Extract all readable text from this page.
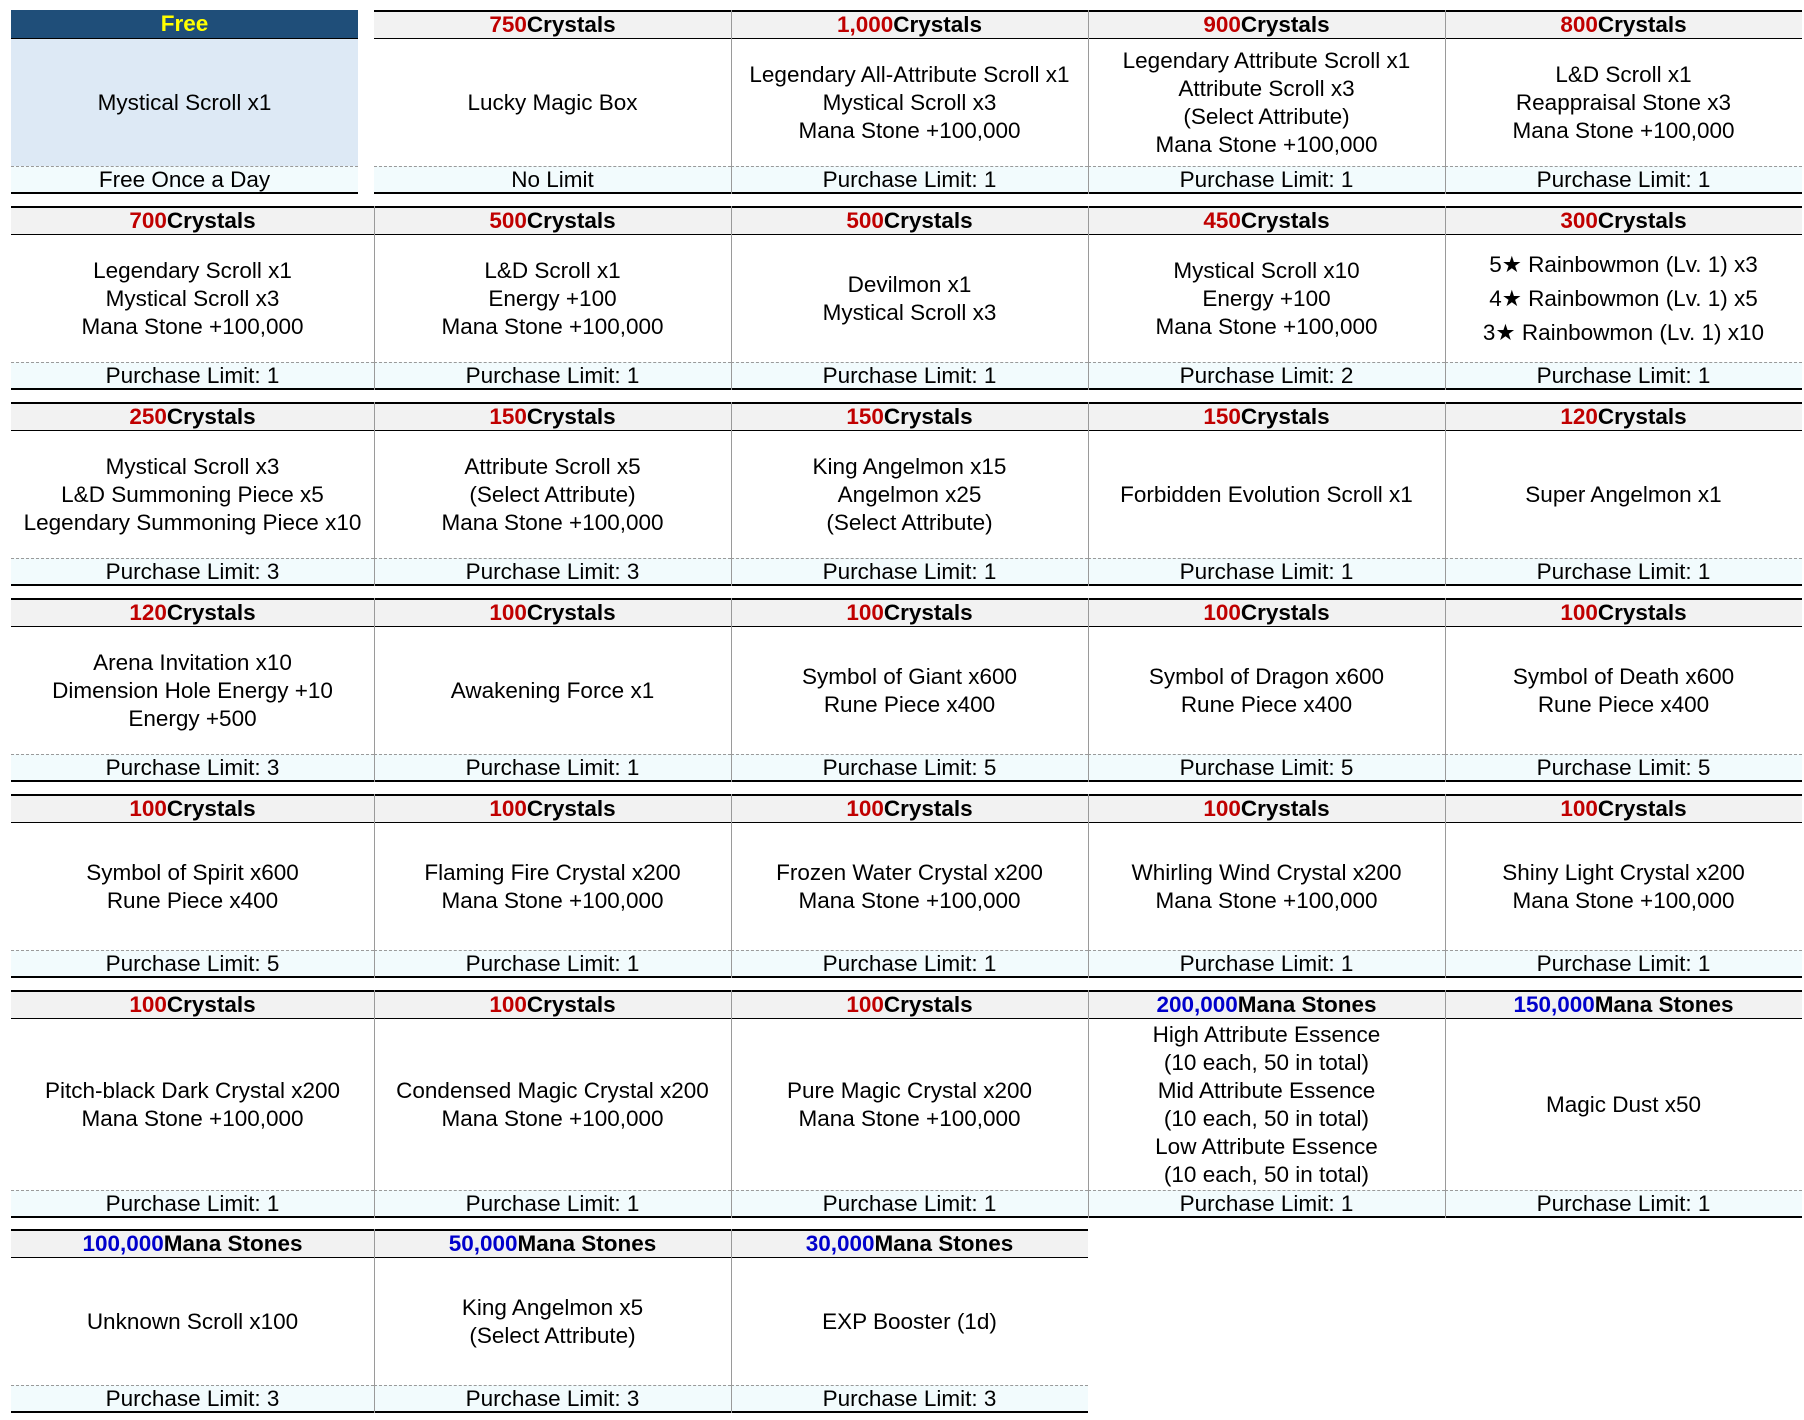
Free
Mystical Scroll x1
Free Once a Day
750 Crystals
Lucky Magic Box
No Limit
1,000 Crystals
Legendary All-Attribute Scroll x1
Mystical Scroll x3
Mana Stone +100,000
Purchase Limit: 1
900 Crystals
Legendary Attribute Scroll x1
Attribute Scroll x3
(Select Attribute)
Mana Stone +100,000
Purchase Limit: 1
800 Crystals
L&D Scroll x1
Reappraisal Stone x3
Mana Stone +100,000
Purchase Limit: 1
700 Crystals
Legendary Scroll x1
Mystical Scroll x3
Mana Stone +100,000
Purchase Limit: 1
500 Crystals
L&D Scroll x1
Energy +100
Mana Stone +100,000
Purchase Limit: 1
500 Crystals
Devilmon x1
Mystical Scroll x3
Purchase Limit: 1
450 Crystals
Mystical Scroll x10
Energy +100
Mana Stone +100,000
Purchase Limit: 2
300 Crystals
5★ Rainbowmon (Lv. 1) x3
4★ Rainbowmon (Lv. 1) x5
3★ Rainbowmon (Lv. 1) x10
Purchase Limit: 1
250 Crystals
Mystical Scroll x3
L&D Summoning Piece x5
Legendary Summoning Piece x10
Purchase Limit: 3
150 Crystals
Attribute Scroll x5
(Select Attribute)
Mana Stone +100,000
Purchase Limit: 3
150 Crystals
King Angelmon x15
Angelmon x25
(Select Attribute)
Purchase Limit: 1
150 Crystals
Forbidden Evolution Scroll x1
Purchase Limit: 1
120 Crystals
Super Angelmon x1
Purchase Limit: 1
120 Crystals
Arena Invitation x10
Dimension Hole Energy +10
Energy +500
Purchase Limit: 3
100 Crystals
Awakening Force x1
Purchase Limit: 1
100 Crystals
Symbol of Giant x600
Rune Piece x400
Purchase Limit: 5
100 Crystals
Symbol of Dragon x600
Rune Piece x400
Purchase Limit: 5
100 Crystals
Symbol of Death x600
Rune Piece x400
Purchase Limit: 5
100 Crystals
Symbol of Spirit x600
Rune Piece x400
Purchase Limit: 5
100 Crystals
Flaming Fire Crystal x200
Mana Stone +100,000
Purchase Limit: 1
100 Crystals
Frozen Water Crystal x200
Mana Stone +100,000
Purchase Limit: 1
100 Crystals
Whirling Wind Crystal x200
Mana Stone +100,000
Purchase Limit: 1
100 Crystals
Shiny Light Crystal x200
Mana Stone +100,000
Purchase Limit: 1
100 Crystals
Pitch-black Dark Crystal x200
Mana Stone +100,000
Purchase Limit: 1
100 Crystals
Condensed Magic Crystal x200
Mana Stone +100,000
Purchase Limit: 1
100 Crystals
Pure Magic Crystal x200
Mana Stone +100,000
Purchase Limit: 1
200,000 Mana Stones
High Attribute Essence
(10 each, 50 in total)
Mid Attribute Essence
(10 each, 50 in total)
Low Attribute Essence
(10 each, 50 in total)
Purchase Limit: 1
150,000 Mana Stones
Magic Dust x50
Purchase Limit: 1
100,000 Mana Stones
Unknown Scroll x100
Purchase Limit: 3
50,000 Mana Stones
King Angelmon x5
(Select Attribute)
Purchase Limit: 3
30,000 Mana Stones
EXP Booster (1d)
Purchase Limit: 3
